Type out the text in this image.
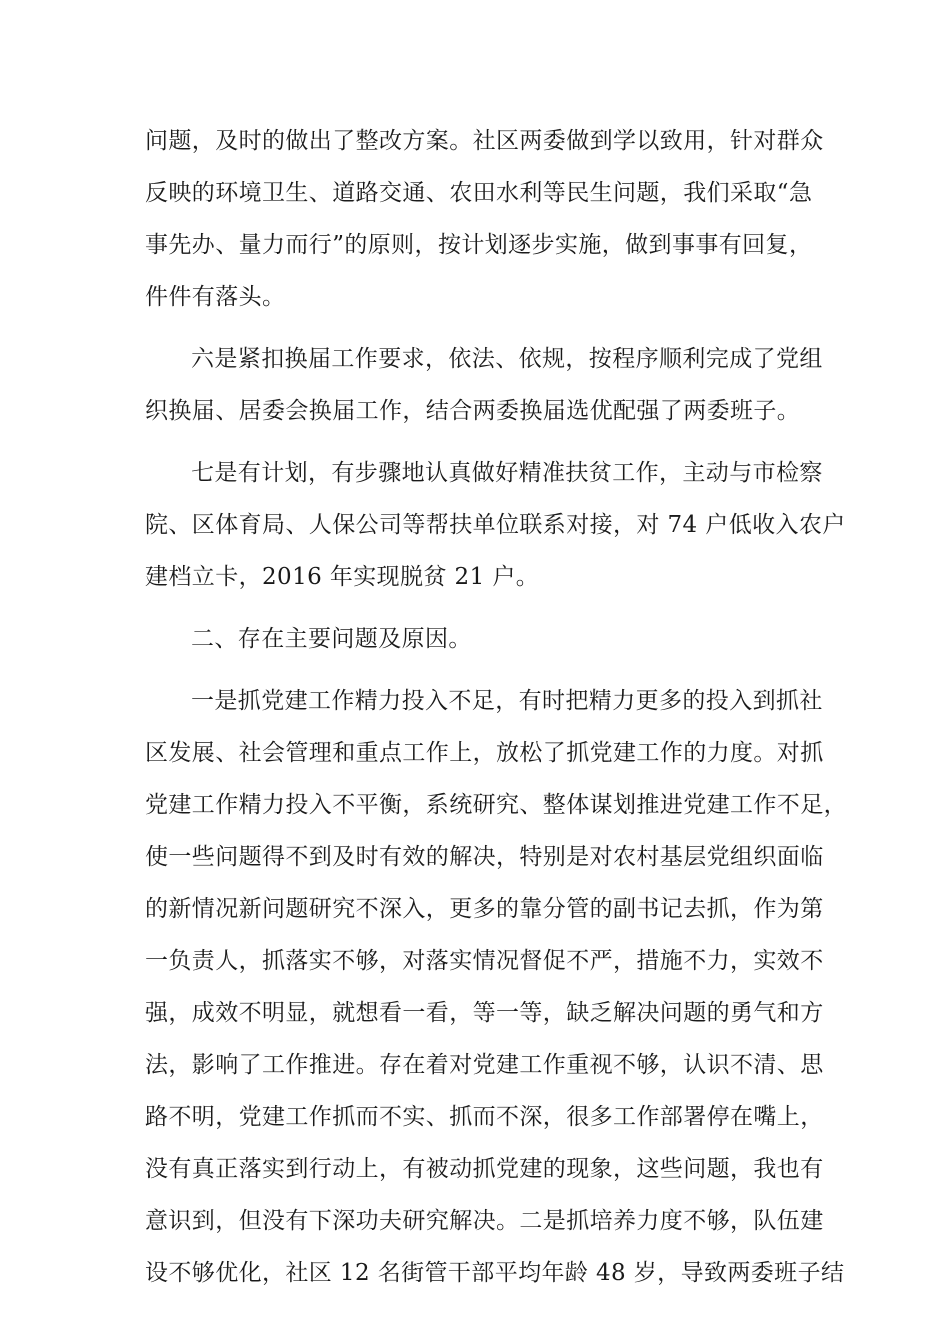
问题，及时的做出了整改方案。社区两委做到学以致用，针对群众
反映的环境卫生、道路交通、农田水利等民生问题，我们采取“急
事先办、量力而行”的原则，按计划逐步实施，做到事事有回复，
件件有落头。
六是紧扣换届工作要求，依法、依规，按程序顺利完成了党组
织换届、居委会换届工作，结合两委换届选优配强了两委班子。
七是有计划，有步骤地认真做好精准扶贫工作，主动与市检察
院、区体育局、人保公司等帮扶单位联系对接，对 74 户低收入农户
建档立卡，2016 年实现脱贫 21 户。
二、存在主要问题及原因。
一是抓党建工作精力投入不足，有时把精力更多的投入到抓社
区发展、社会管理和重点工作上，放松了抓党建工作的力度。对抓
党建工作精力投入不平衡，系统研究、整体谋划推进党建工作不足，
使一些问题得不到及时有效的解决，特别是对农村基层党组织面临
的新情况新问题研究不深入，更多的靠分管的副书记去抓，作为第
一负责人，抓落实不够，对落实情况督促不严，措施不力，实效不
强，成效不明显，就想看一看，等一等，缺乏解决问题的勇气和方
法，影响了工作推进。存在着对党建工作重视不够，认识不清、思
路不明，党建工作抓而不实、抓而不深，很多工作部署停在嘴上，
没有真正落实到行动上，有被动抓党建的现象，这些问题，我也有
意识到，但没有下深功夫研究解决。二是抓培养力度不够，队伍建
设不够优化，社区 12 名街管干部平均年龄 48 岁，导致两委班子结
